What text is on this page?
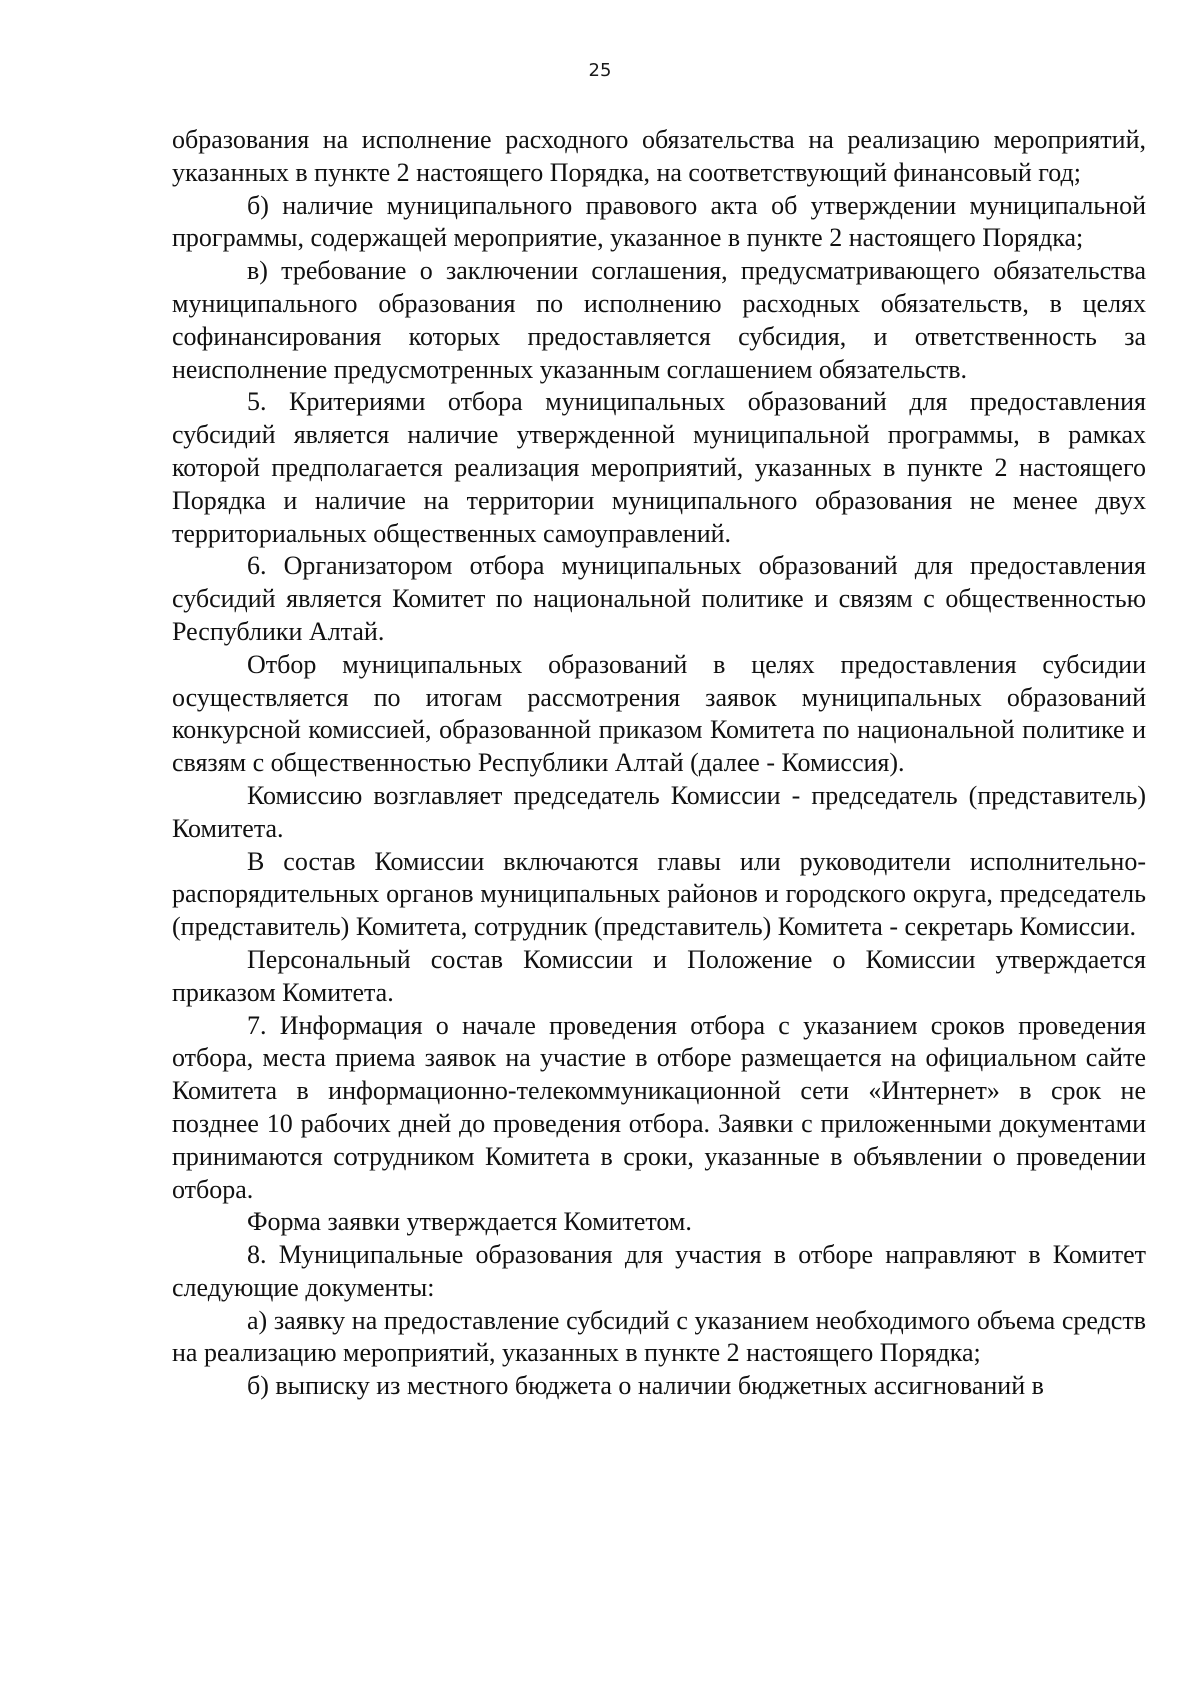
25

образования на исполнение расходного обязательства на реализацию мероприятий, указанных в пункте 2 настоящего Порядка, на соответствующий финансовый год;

б) наличие муниципального правового акта об утверждении муниципальной программы, содержащей мероприятие, указанное в пункте 2 настоящего Порядка;

в) требование о заключении соглашения, предусматривающего обязательства муниципального образования по исполнению расходных обязательств, в целях софинансирования которых предоставляется субсидия, и ответственность за неисполнение предусмотренных указанным соглашением обязательств.

5. Критериями отбора муниципальных образований для предоставления субсидий является наличие утвержденной муниципальной программы, в рамках которой предполагается реализация мероприятий, указанных в пункте 2 настоящего Порядка и наличие на территории муниципального образования не менее двух территориальных общественных самоуправлений.

6. Организатором отбора муниципальных образований для предоставления субсидий является Комитет по национальной политике и связям с общественностью Республики Алтай.

Отбор муниципальных образований в целях предоставления субсидии осуществляется по итогам рассмотрения заявок муниципальных образований конкурсной комиссией, образованной приказом Комитета по национальной политике и связям с общественностью Республики Алтай (далее - Комиссия).

Комиссию возглавляет председатель Комиссии - председатель (представитель) Комитета.

В состав Комиссии включаются главы или руководители исполнительно-распорядительных органов муниципальных районов и городского округа, председатель (представитель) Комитета, сотрудник (представитель) Комитета - секретарь Комиссии.

Персональный состав Комиссии и Положение о Комиссии утверждается приказом Комитета.

7. Информация о начале проведения отбора с указанием сроков проведения отбора, места приема заявок на участие в отборе размещается на официальном сайте Комитета в информационно-телекоммуникационной сети «Интернет» в срок не позднее 10 рабочих дней до проведения отбора. Заявки с приложенными документами принимаются сотрудником Комитета в сроки, указанные в объявлении о проведении отбора.

Форма заявки утверждается Комитетом.

8. Муниципальные образования для участия в отборе направляют в Комитет следующие документы:

а) заявку на предоставление субсидий с указанием необходимого объема средств на реализацию мероприятий, указанных в пункте 2 настоящего Порядка;

б) выписку из местного бюджета о наличии бюджетных ассигнований в
